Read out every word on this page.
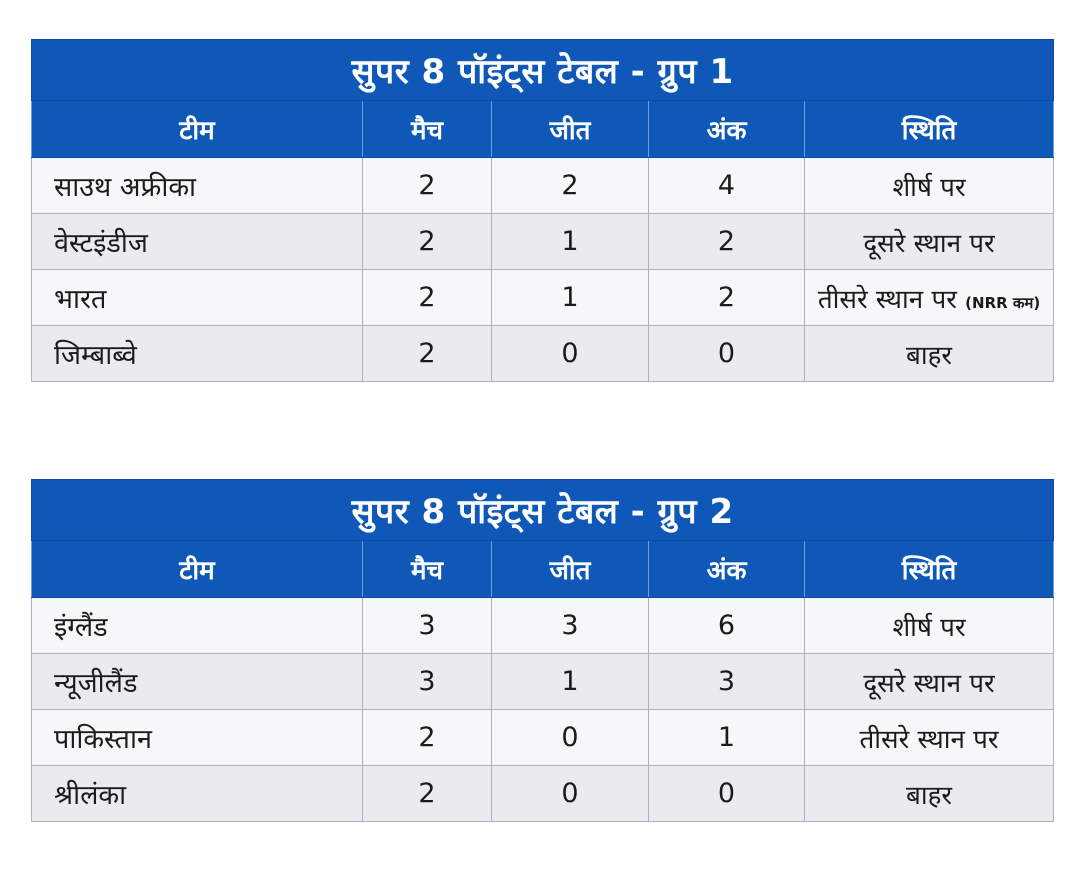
सुपर 8 पॉइंट्स टेबल - ग्रुप 1				
टीम	मैच	जीत	अंक	स्थिति
साउथ अफ्रीका	2	2	4	शीर्ष पर
वेस्टइंडीज	2	1	2	दूसरे स्थान पर
भारत	2	1	2	तीसरे स्थान पर (NRR कम)
जिम्बाब्वे	2	0	0	बाहर
सुपर 8 पॉइंट्स टेबल - ग्रुप 2				
टीम	मैच	जीत	अंक	स्थिति
इंग्लैंड	3	3	6	शीर्ष पर
न्यूजीलैंड	3	1	3	दूसरे स्थान पर
पाकिस्तान	2	0	1	तीसरे स्थान पर
श्रीलंका	2	0	0	बाहर
